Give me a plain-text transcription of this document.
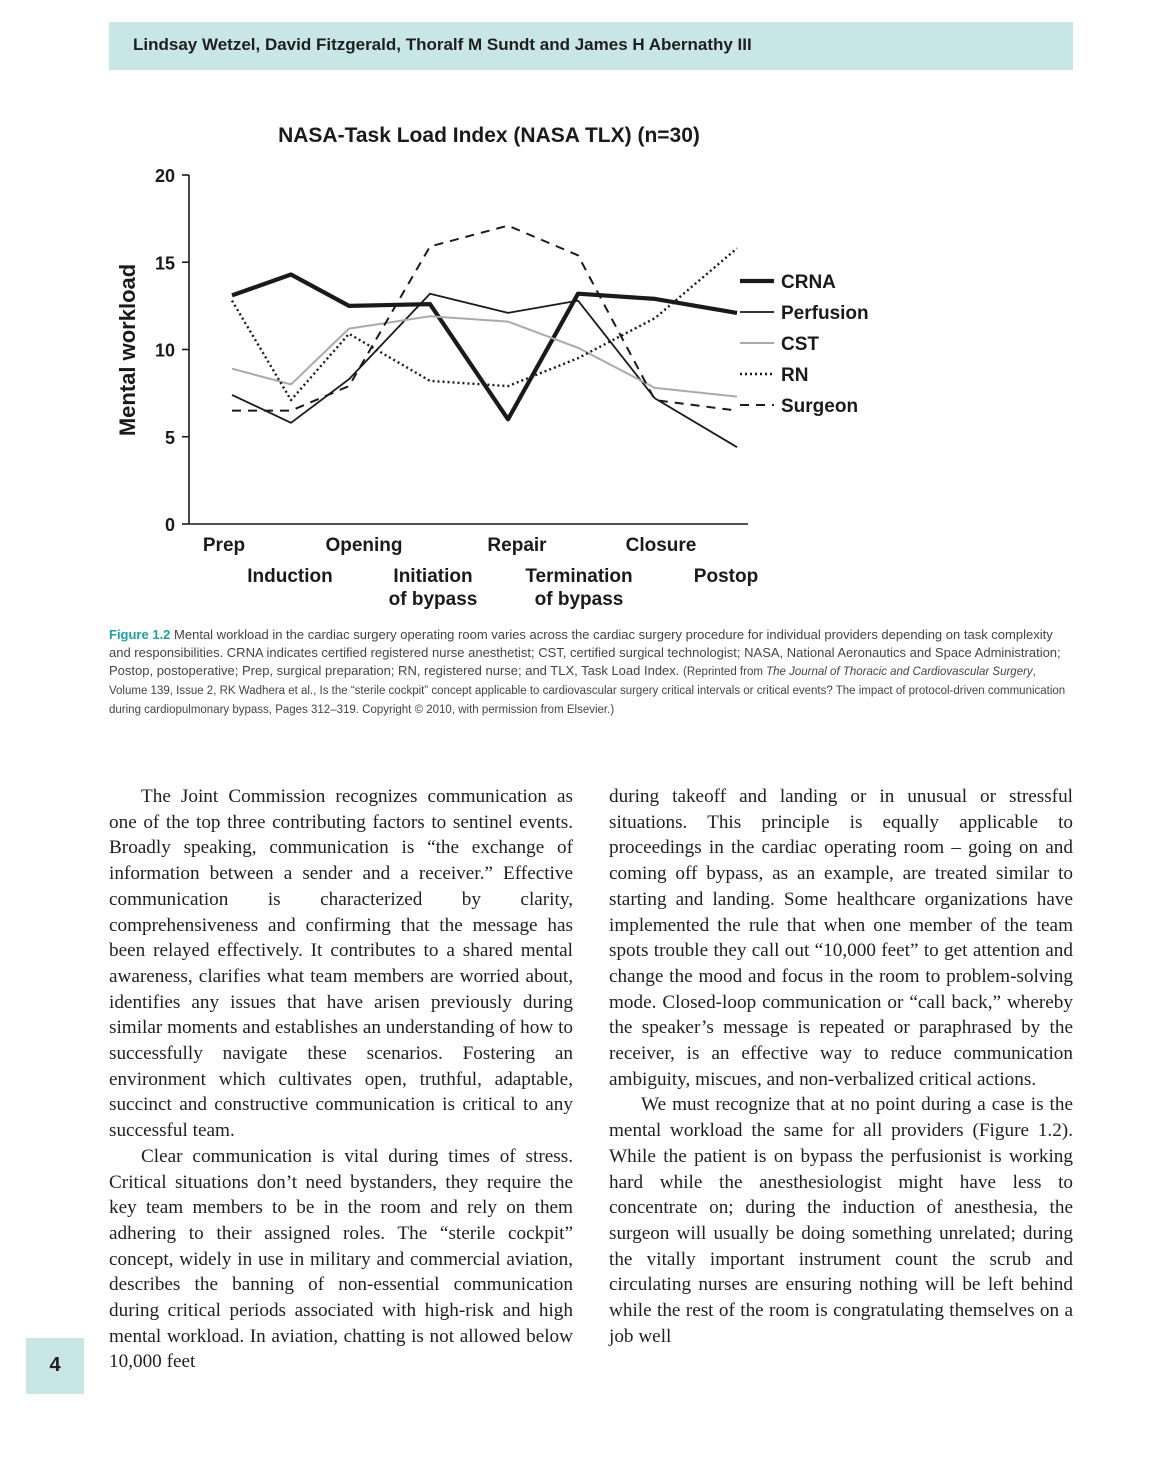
Lindsay Wetzel, David Fitzgerald, Thoralf M Sundt and James H Abernathy III
NASA-Task Load Index (NASA TLX) (n=30)
Mental workload
0
5
10
15
20
Prep
Induction
Opening
Initiation of bypass
Repair
Termination of bypass
Closure
Postop
CRNA
Perfusion
CST
RN
Surgeon
Figure 1.2 Mental workload in the cardiac surgery operating room varies across the cardiac surgery procedure for individual providers depending on task complexity and responsibilities. CRNA indicates certified registered nurse anesthetist; CST, certified surgical technologist; NASA, National Aeronautics and Space Administration; Postop, postoperative; Prep, surgical preparation; RN, registered nurse; and TLX, Task Load Index. (Reprinted from The Journal of Thoracic and Cardiovascular Surgery, Volume 139, Issue 2, RK Wadhera et al., Is the “sterile cockpit” concept applicable to cardiovascular surgery critical intervals or critical events? The impact of protocol-driven communication during cardiopulmonary bypass, Pages 312–319. Copyright © 2010, with permission from Elsevier.)

The Joint Commission recognizes communication as one of the top three contributing factors to sentinel events. Broadly speaking, communication is “the exchange of information between a sender and a receiver.” Effective communication is characterized by clarity, comprehensiveness and confirming that the message has been relayed effectively. It contributes to a shared mental awareness, clarifies what team members are worried about, identifies any issues that have arisen previously during similar moments and establishes an understanding of how to successfully navigate these scenarios. Fostering an environment which cultivates open, truthful, adaptable, succinct and constructive communication is critical to any successful team.

Clear communication is vital during times of stress. Critical situations don’t need bystanders, they require the key team members to be in the room and rely on them adhering to their assigned roles. The “sterile cockpit” concept, widely in use in military and commercial aviation, describes the banning of non-essential communication during critical periods associated with high-risk and high mental workload. In aviation, chatting is not allowed below 10,000 feet

during takeoff and landing or in unusual or stressful situations. This principle is equally applicable to proceedings in the cardiac operating room – going on and coming off bypass, as an example, are treated similar to starting and landing. Some healthcare organizations have implemented the rule that when one member of the team spots trouble they call out “10,000 feet” to get attention and change the mood and focus in the room to problem-solving mode. Closed-loop communication or “call back,” whereby the speaker’s message is repeated or paraphrased by the receiver, is an effective way to reduce communication ambiguity, miscues, and non-verbalized critical actions.

We must recognize that at no point during a case is the mental workload the same for all providers (Figure 1.2). While the patient is on bypass the perfusionist is working hard while the anesthesiologist might have less to concentrate on; during the induction of anesthesia, the surgeon will usually be doing something unrelated; during the vitally important instrument count the scrub and circulating nurses are ensuring nothing will be left behind while the rest of the room is congratulating themselves on a job well

4
